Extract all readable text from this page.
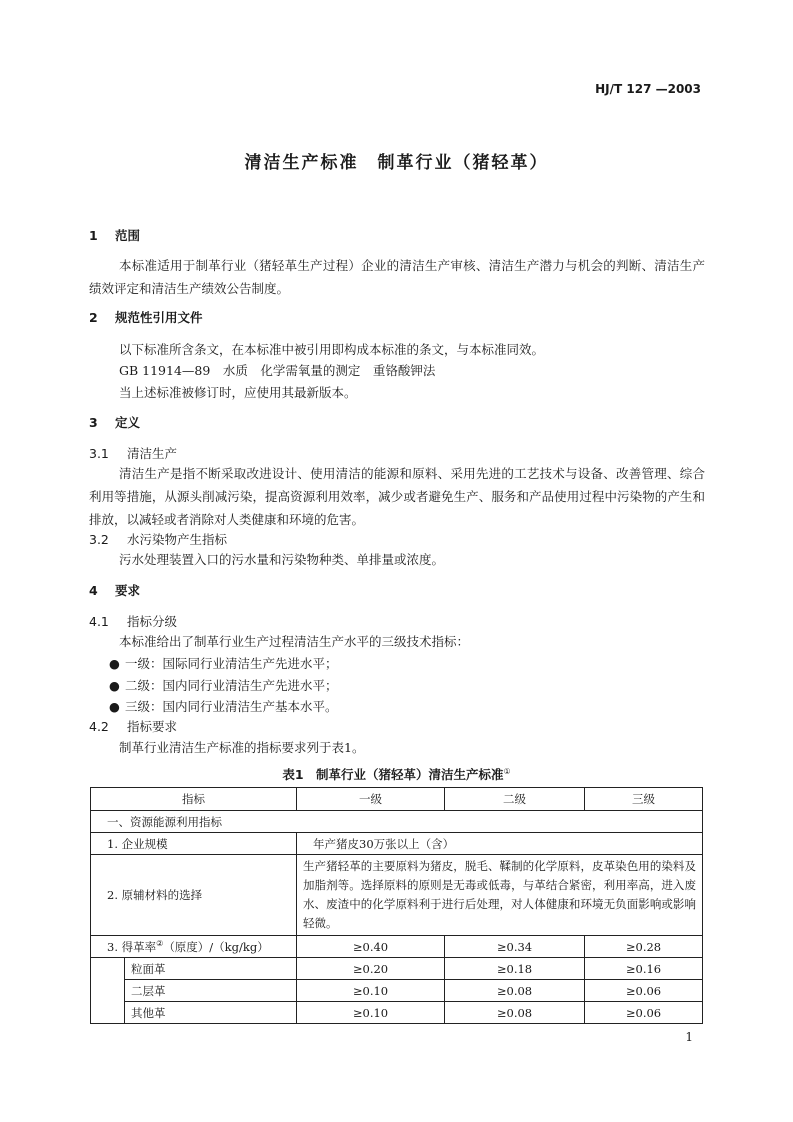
HJ/T 127 —2003
清洁生产标准　制革行业（猪轻革）
1 范围
本标准适用于制革行业（猪轻革生产过程）企业的清洁生产审核、清洁生产潜力与机会的判断、清洁生产绩效评定和清洁生产绩效公告制度。
2 规范性引用文件
以下标准所含条文，在本标准中被引用即构成本标准的条文，与本标准同效。
GB 11914—89　水质　化学需氧量的测定　重铬酸钾法
当上述标准被修订时，应使用其最新版本。
3 定义
3.1 清洁生产
清洁生产是指不断采取改进设计、使用清洁的能源和原料、采用先进的工艺技术与设备、改善管理、综合利用等措施，从源头削减污染，提高资源利用效率，减少或者避免生产、服务和产品使用过程中污染物的产生和排放，以减轻或者消除对人类健康和环境的危害。
3.2 水污染物产生指标
污水处理装置入口的污水量和污染物种类、单排量或浓度。
4 要求
4.1 指标分级
本标准给出了制革行业生产过程清洁生产水平的三级技术指标：
● 一级：国际同行业清洁生产先进水平；
● 二级：国内同行业清洁生产先进水平；
● 三级：国内同行业清洁生产基本水平。
4.2 指标要求
制革行业清洁生产标准的指标要求列于表1。
表1　制革行业（猪轻革）清洁生产标准①
指标		一级	二级	三级
一、资源能源利用指标				
1. 企业规模		年产猪皮30万张以上（含）		
2. 原辅材料的选择		生产猪轻革的主要原料为猪皮，脱毛、鞣制的化学原料，皮革染色用的染料及加脂剂等。选择原料的原则是无毒或低毒，与革结合紧密，利用率高，进入废水、废渣中的化学原料利于进行后处理，对人体健康和环境无负面影响或影响轻微。		
3. 得革率②（原度）/（kg/kg）		≥0.40	≥0.34	≥0.28
	粒面革	≥0.20	≥0.18	≥0.16
	二层革	≥0.10	≥0.08	≥0.06
	其他革	≥0.10	≥0.08	≥0.06
1
